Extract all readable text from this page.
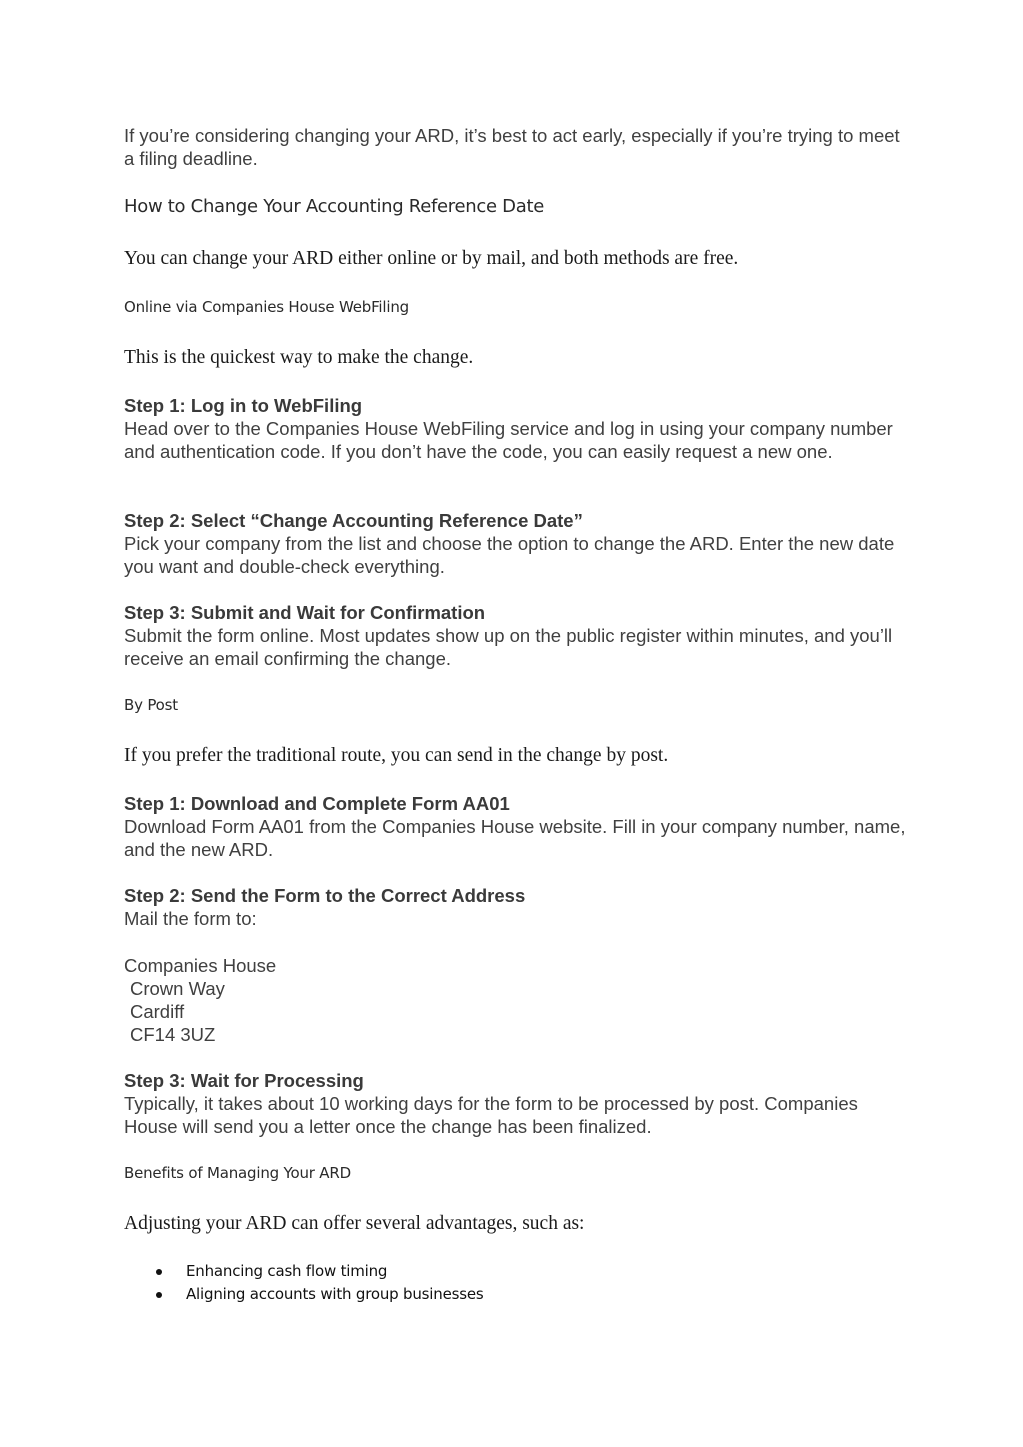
If you’re considering changing your ARD, it’s best to act early, especially if you’re trying to meet a filing deadline.

How to Change Your Accounting Reference Date

You can change your ARD either online or by mail, and both methods are free.

Online via Companies House WebFiling

This is the quickest way to make the change.

Step 1: Log in to WebFiling
Head over to the Companies House WebFiling service and log in using your company number and authentication code. If you don’t have the code, you can easily request a new one.
Step 2: Select “Change Accounting Reference Date”
Pick your company from the list and choose the option to change the ARD. Enter the new date you want and double-check everything.
Step 3: Submit and Wait for Confirmation
Submit the form online. Most updates show up on the public register within minutes, and you’ll receive an email confirming the change.
By Post

If you prefer the traditional route, you can send in the change by post.

Step 1: Download and Complete Form AA01
Download Form AA01 from the Companies House website. Fill in your company number, name, and the new ARD.
Step 2: Send the Form to the Correct Address
Mail the form to:
Companies House
Crown Way
Cardiff
CF14 3UZ
Step 3: Wait for Processing
Typically, it takes about 10 working days for the form to be processed by post. Companies House will send you a letter once the change has been finalized.
Benefits of Managing Your ARD

Adjusting your ARD can offer several advantages, such as:

Enhancing cash flow timing
Aligning accounts with group businesses
